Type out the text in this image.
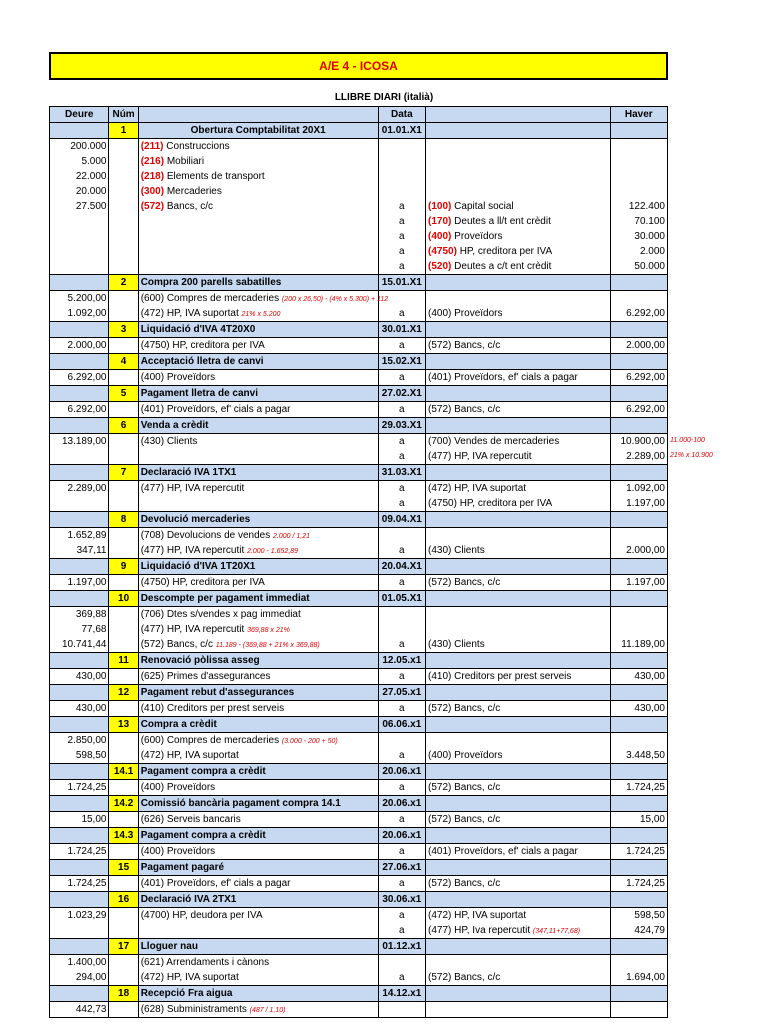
A/E 4 - ICOSA
LLIBRE DIARI (italià)
Deure	Núm		Data		Haver
	1	Obertura Comptabilitat 20X1	01.01.X1		
200.000		(211) Construccions			
5.000		(216) Mobiliari			
22.000		(218) Elements de transport			
20.000		(300) Mercaderies			
27.500		(572) Bancs, c/c	a	(100) Capital social	122.400
			a	(170) Deutes a ll/t ent crèdit	70.100
			a	(400) Proveïdors	30.000
			a	(4750) HP, creditora per IVA	2.000
			a	(520) Deutes a c/t ent crèdit	50.000
	2	Compra 200 parells sabatilles	15.01.X1		
5.200,00		(600) Compres de mercaderies (200 x 26,50) - (4% x 5.300) + 112			
1.092,00		(472) HP, IVA suportat 21% x 5.200	a	(400) Proveïdors	6.292,00
	3	Liquidació d'IVA 4T20X0	30.01.X1		
2.000,00		(4750) HP, creditora per IVA	a	(572) Bancs, c/c	2.000,00
	4	Acceptació lletra de canvi	15.02.X1		
6.292,00		(400) Proveïdors	a	(401) Proveïdors, ef' cials a pagar	6.292,00
	5	Pagament lletra de canvi	27.02.X1		
6.292,00		(401) Proveïdors, ef' cials a pagar	a	(572) Bancs, c/c	6.292,00
	6	Venda a crèdit	29.03.X1		
13.189,00		(430) Clients	a	(700) Vendes de mercaderies	10.900,00
			a	(477) HP, IVA repercutit	2.289,00
	7	Declaració IVA 1TX1	31.03.X1		
2.289,00		(477) HP, IVA repercutit	a	(472) HP, IVA suportat	1.092,00
			a	(4750) HP, creditora per IVA	1.197,00
	8	Devolució mercaderies	09.04.X1		
1.652,89		(708) Devolucions de vendes 2.000 / 1,21			
347,11		(477) HP, IVA repercutit 2.000 - 1.652,89	a	(430) Clients	2.000,00
	9	Liquidació d'IVA 1T20X1	20.04.X1		
1.197,00		(4750) HP, creditora per IVA	a	(572) Bancs, c/c	1.197,00
	10	Descompte per pagament immediat	01.05.X1		
369,88		(706) Dtes s/vendes x pag immediat			
77,68		(477) HP, IVA repercutit 369,88 x 21%			
10.741,44		(572) Bancs, c/c 11.189 - (369,88 + 21% x 369,88)	a	(430) Clients	11.189,00
	11	Renovació pòlissa asseg	12.05.x1		
430,00		(625) Primes d'assegurances	a	(410) Creditors per prest serveis	430,00
	12	Pagament rebut d'assegurances	27.05.x1		
430,00		(410) Creditors per prest serveis	a	(572) Bancs, c/c	430,00
	13	Compra a crèdit	06.06.x1		
2.850,00		(600) Compres de mercaderies (3.000 - 200 + 50)			
598,50		(472) HP, IVA suportat	a	(400) Proveïdors	3.448,50
	14.1	Pagament compra a crèdit	20.06.x1		
1.724,25		(400) Proveïdors	a	(572) Bancs, c/c	1.724,25
	14.2	Comissió bancària pagament compra 14.1	20.06.x1		
15,00		(626) Serveis bancaris	a	(572) Bancs, c/c	15,00
	14.3	Pagament compra a crèdit	20.06.x1		
1.724,25		(400) Proveïdors	a	(401) Proveïdors, ef' cials a pagar	1.724,25
	15	Pagament pagaré	27.06.x1		
1.724,25		(401) Proveïdors, ef' cials a pagar	a	(572) Bancs, c/c	1.724,25
	16	Declaració IVA 2TX1	30.06.x1		
1.023,29		(4700) HP, deudora per IVA	a	(472) HP, IVA suportat	598,50
			a	(477) HP, Iva repercutit (347,11+77,68)	424,79
	17	Lloguer nau	01.12.x1		
1.400,00		(621) Arrendaments i cànons			
294,00		(472) HP, IVA suportat	a	(572) Bancs, c/c	1.694,00
	18	Recepció Fra aigua	14.12.x1		
442,73		(628) Subministraments (487 / 1,10)			
11.000-100
21% x 10.900
